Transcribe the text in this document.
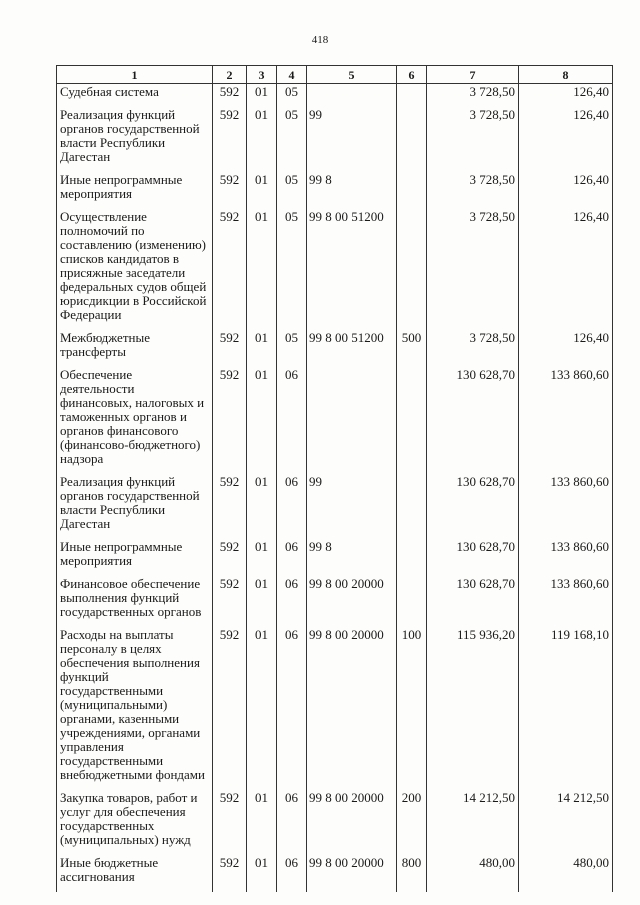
418
1	2	3	4	5	6	7	8
Судебная система	592	01	05			3 728,50	126,40
Реализация функций органов государственной власти Республики Дагестан	592	01	05	99		3 728,50	126,40
Иные непрограммные мероприятия	592	01	05	99 8		3 728,50	126,40
Осуществление полномочий по составлению (изменению) списков кандидатов в присяжные заседатели федеральных судов общей юрисдикции в Российской Федерации	592	01	05	99 8 00 51200		3 728,50	126,40
Межбюджетные трансферты	592	01	05	99 8 00 51200	500	3 728,50	126,40
Обеспечение деятельности финансовых, налоговых и таможенных органов и органов финансового (финансово-бюджетного) надзора	592	01	06			130 628,70	133 860,60
Реализация функций органов государственной власти Республики Дагестан	592	01	06	99		130 628,70	133 860,60
Иные непрограммные мероприятия	592	01	06	99 8		130 628,70	133 860,60
Финансовое обеспечение выполнения функций государственных органов	592	01	06	99 8 00 20000		130 628,70	133 860,60
Расходы на выплаты персоналу в целях обеспечения выполнения функций государственными (муниципальными) органами, казенными учреждениями, органами управления государственными внебюджетными фондами	592	01	06	99 8 00 20000	100	115 936,20	119 168,10
Закупка товаров, работ и услуг для обеспечения государственных (муниципальных) нужд	592	01	06	99 8 00 20000	200	14 212,50	14 212,50
Иные бюджетные ассигнования	592	01	06	99 8 00 20000	800	480,00	480,00
